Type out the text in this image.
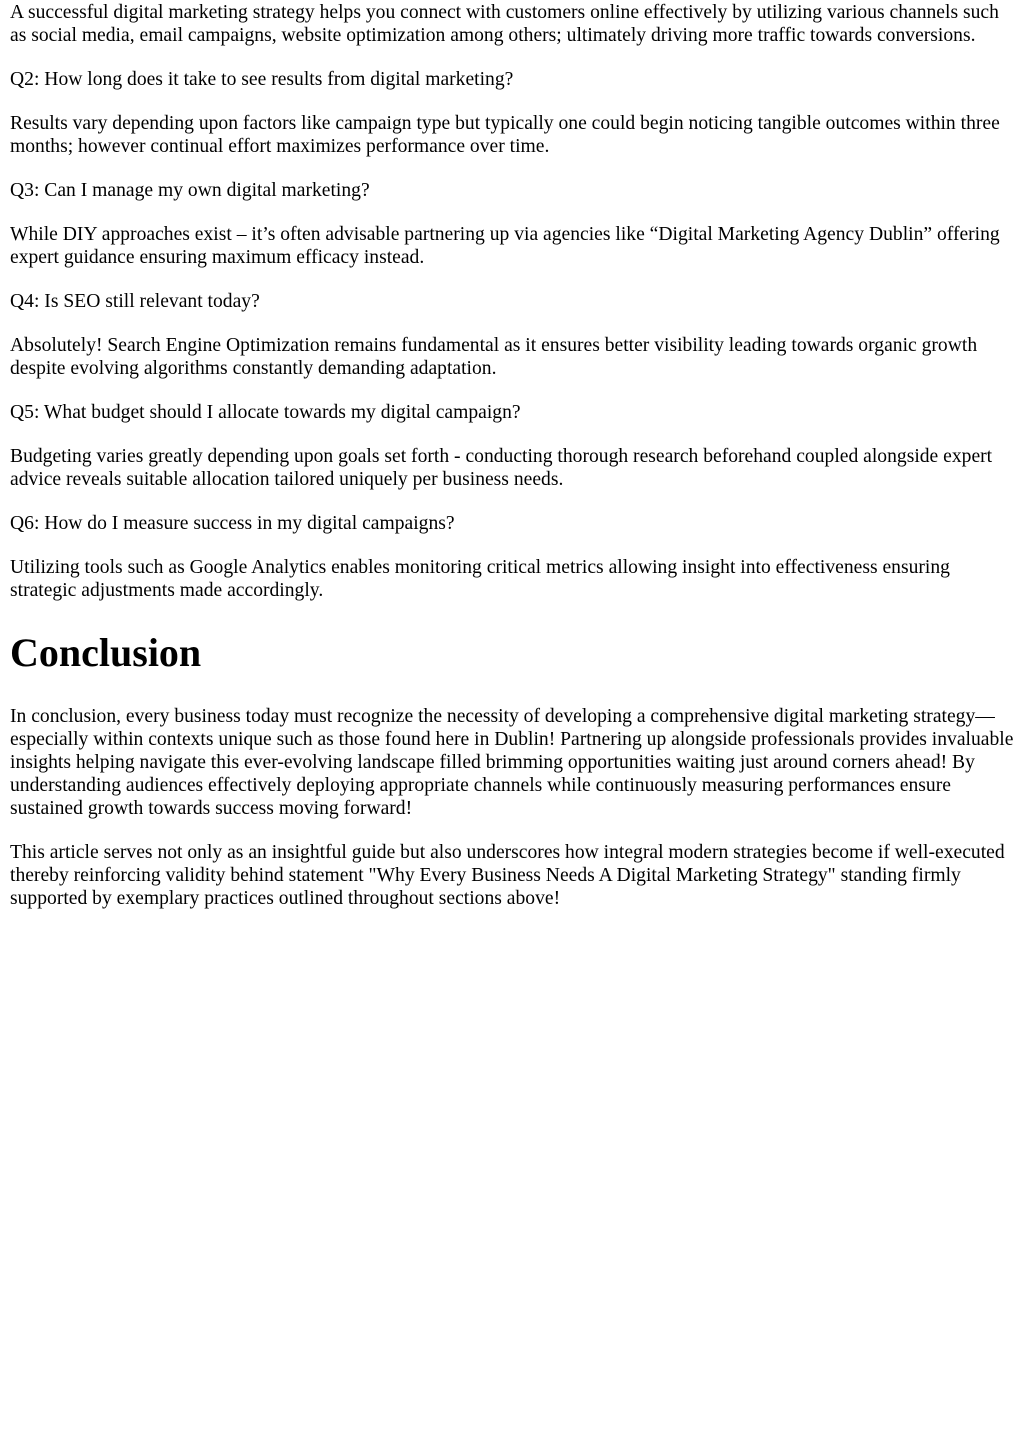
A successful digital marketing strategy helps you connect with customers online effectively by utilizing various channels such as social media, email campaigns, website optimization among others; ultimately driving more traffic towards conversions.

Q2: How long does it take to see results from digital marketing?

Results vary depending upon factors like campaign type but typically one could begin noticing tangible outcomes within three months; however continual effort maximizes performance over time.

Q3: Can I manage my own digital marketing?

While DIY approaches exist – it’s often advisable partnering up via agencies like “Digital Marketing Agency Dublin” offering expert guidance ensuring maximum efficacy instead.

Q4: Is SEO still relevant today?

Absolutely! Search Engine Optimization remains fundamental as it ensures better visibility leading towards organic growth despite evolving algorithms constantly demanding adaptation.

Q5: What budget should I allocate towards my digital campaign?

Budgeting varies greatly depending upon goals set forth - conducting thorough research beforehand coupled alongside expert advice reveals suitable allocation tailored uniquely per business needs.

Q6: How do I measure success in my digital campaigns?

Utilizing tools such as Google Analytics enables monitoring critical metrics allowing insight into effectiveness ensuring strategic adjustments made accordingly.

Conclusion

In conclusion, every business today must recognize the necessity of developing a comprehensive digital marketing strategy—especially within contexts unique such as those found here in Dublin! Partnering up alongside professionals provides invaluable insights helping navigate this ever-evolving landscape filled brimming opportunities waiting just around corners ahead! By understanding audiences effectively deploying appropriate channels while continuously measuring performances ensure sustained growth towards success moving forward!

This article serves not only as an insightful guide but also underscores how integral modern strategies become if well-executed thereby reinforcing validity behind statement "Why Every Business Needs A Digital Marketing Strategy" standing firmly supported by exemplary practices outlined throughout sections above!
